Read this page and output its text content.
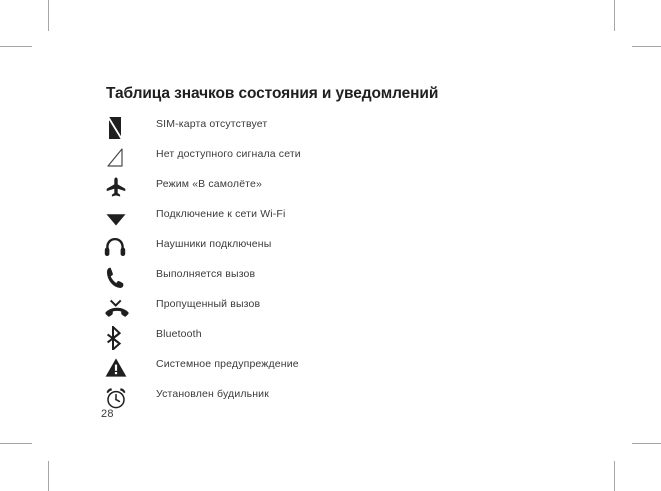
Таблица значков состояния и уведомлений
SIM-карта отсутствует
Нет доступного сигнала сети
Режим «В самолёте»
Подключение к сети Wi-Fi
Наушники подключены
Выполняется вызов
Пропущенный вызов
Bluetooth
Системное предупреждение
Установлен будильник
28
